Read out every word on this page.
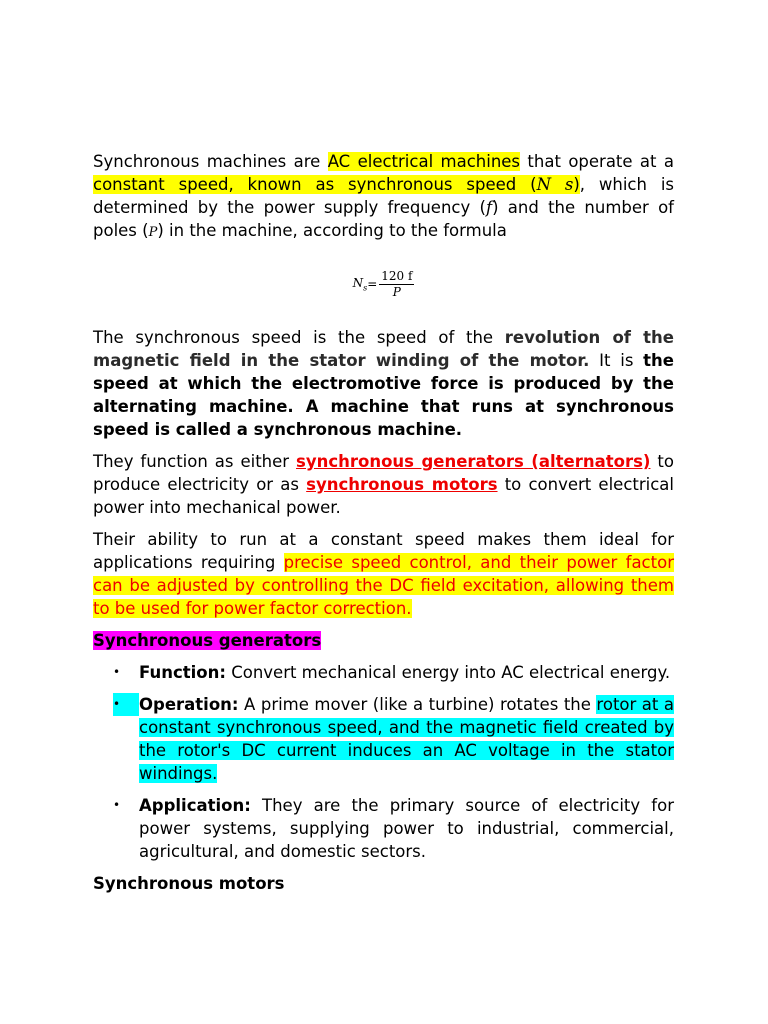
Synchronous machines are AC electrical machines that operate at a constant speed, known as synchronous speed (N s), which is determined by the power supply frequency (f) and the number of poles (P) in the machine, according to the formula

$N_s = \frac{120 f}{P}$

The synchronous speed is the speed of the revolution of the magnetic field in the stator winding of the motor. It is the speed at which the electromotive force is produced by the alternating machine. A machine that runs at synchronous speed is called a synchronous machine.

They function as either synchronous generators (alternators) to produce electricity or as synchronous motors to convert electrical power into mechanical power.

Their ability to run at a constant speed makes them ideal for applications requiring precise speed control, and their power factor can be adjusted by controlling the DC field excitation, allowing them to be used for power factor correction.

Synchronous generators

• Function: Convert mechanical energy into AC electrical energy.

•	Operation: A prime mover (like a turbine) rotates the rotor at a constant synchronous speed, and the magnetic field created by the rotor's DC current induces an AC voltage in the stator windings.

• Application: They are the primary source of electricity for power systems, supplying power to industrial, commercial, agricultural, and domestic sectors.

Synchronous motors
